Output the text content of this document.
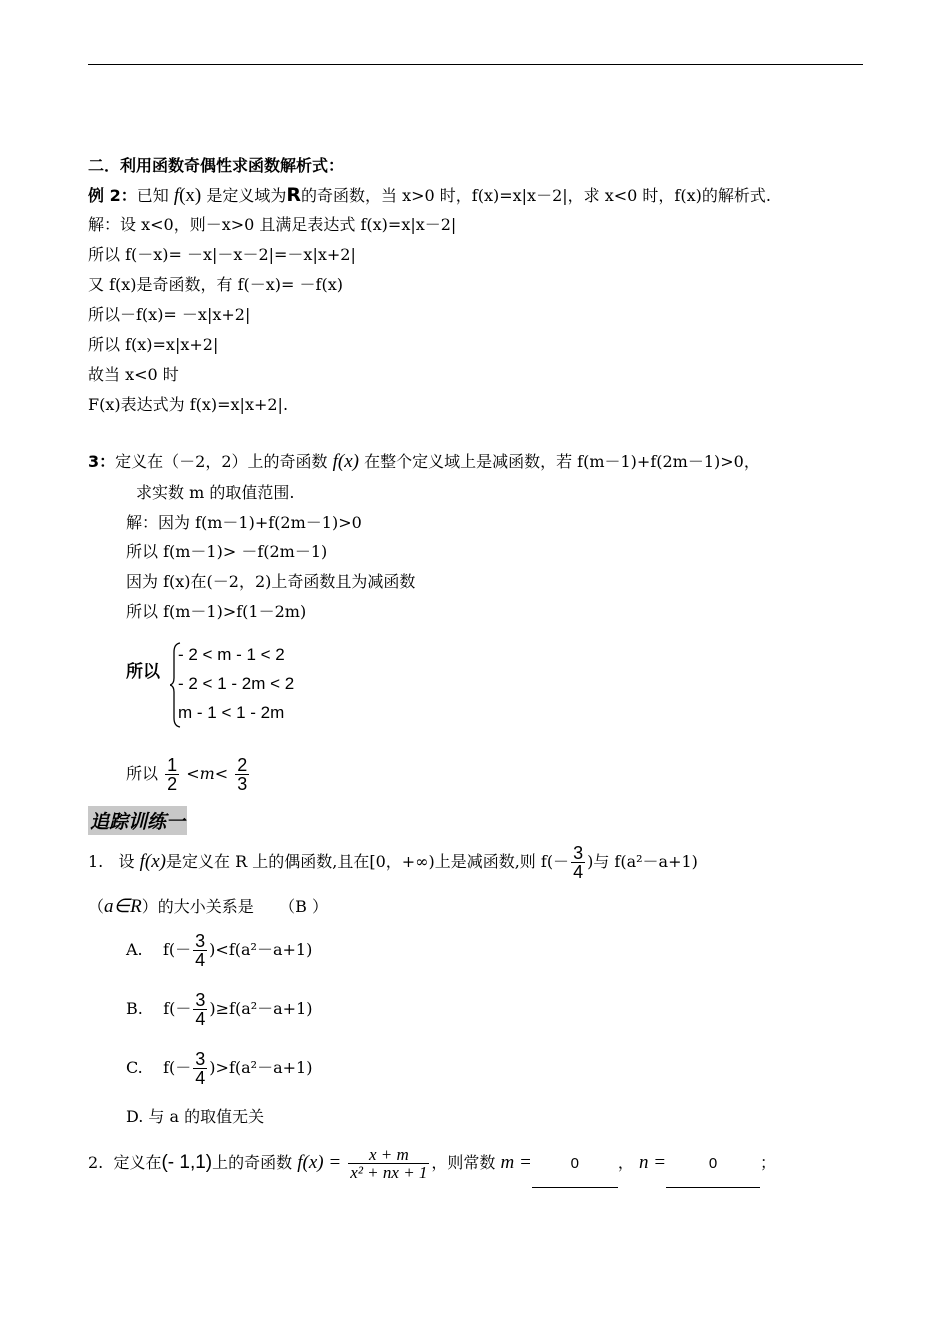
二．利用函数奇偶性求函数解析式：
例 2：已知 f(x) 是定义域为R的奇函数，当 x>0 时，f(x)=x|x－2|，求 x<0 时，f(x)的解析式.
解：设 x<0，则－x>0 且满足表达式 f(x)=x|x－2|
所以 f(－x)= －x|－x－2|=－x|x+2|
又 f(x)是奇函数，有 f(－x)= －f(x)
所以－f(x)= －x|x+2|
所以 f(x)=x|x+2|
故当 x<0 时
F(x)表达式为 f(x)=x|x+2|.
3：定义在（－2，2）上的奇函数 f(x) 在整个定义域上是减函数，若 f(m－1)+f(2m－1)>0，
求实数 m 的取值范围.
解：因为 f(m－1)+f(2m－1)>0
所以 f(m－1)> －f(2m－1)
因为 f(x)在(－2，2)上奇函数且为减函数
所以 f(m－1)>f(1－2m)
所以
- 2 < m - 1 < 2
- 2 < 1 - 2m < 2
m - 1 < 1 - 2m
所以 $\frac{1}{2} <m< \frac{2}{3}$
追踪训练一
1. 设 f(x)是定义在 R 上的偶函数,且在[0，+∞)上是减函数,则 $f(- \frac{3}{4}$ )与 f(a²－a+1)
（a∈R）的大小关系是 （B ）
A. $f(- \frac{3}{4} )<f(a^2-a+1)$
B. $f(- \frac{3}{4} )\ge f(a^2-a+1)$
C. $f(- \frac{3}{4} )>f(a^2-a+1)$
D. 与 a 的取值无关
2. 定义在(- 1,1)上的奇函数 $f(x) = \frac{x + m}{\text{x² + nx + 1}}$ ，则常数 m =	0 ， n =	0	；
